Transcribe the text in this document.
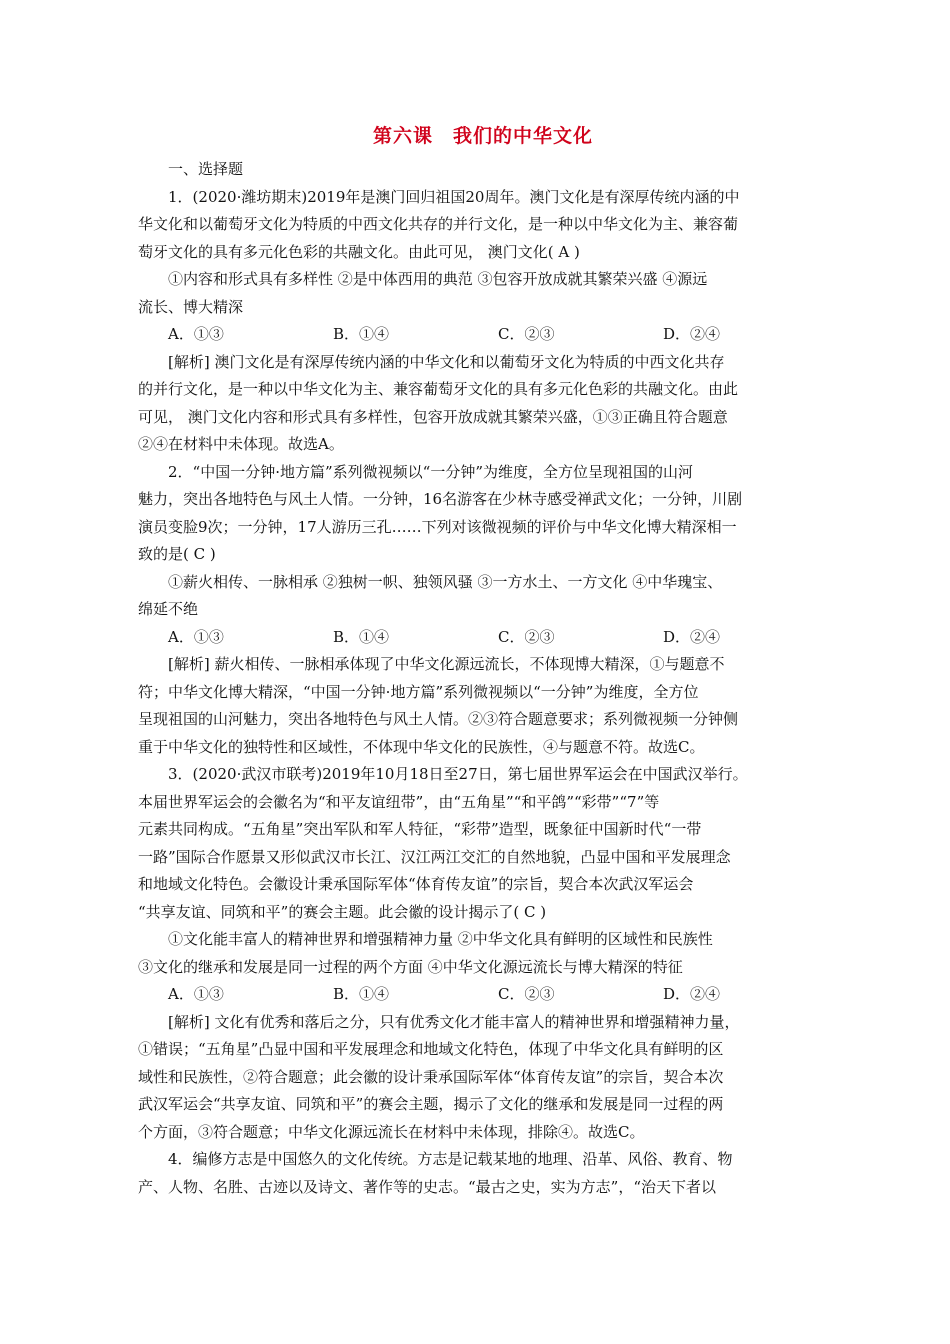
第六课　我们的中华文化
一、选择题
1．(2020·潍坊期末)2019年是澳门回归祖国20周年。澳门文化是有深厚传统内涵的中
华文化和以葡萄牙文化为特质的中西文化共存的并行文化，是一种以中华文化为主、兼容葡
萄牙文化的具有多元化色彩的共融文化。由此可见， 澳门文化( A )
①内容和形式具有多样性 ②是中体西用的典范 ③包容开放成就其繁荣兴盛 ④源远
流长、博大精深
A．①③	B．①④	C．②③	D．②④
[解析] 澳门文化是有深厚传统内涵的中华文化和以葡萄牙文化为特质的中西文化共存
的并行文化，是一种以中华文化为主、兼容葡萄牙文化的具有多元化色彩的共融文化。由此
可见， 澳门文化内容和形式具有多样性，包容开放成就其繁荣兴盛，①③正确且符合题意
②④在材料中未体现。故选A。
2．“中国一分钟·地方篇”系列微视频以“一分钟”为维度，全方位呈现祖国的山河
魅力，突出各地特色与风土人情。一分钟，16名游客在少林寺感受禅武文化；一分钟，川剧
演员变脸9次；一分钟，17人游历三孔……下列对该微视频的评价与中华文化博大精深相一
致的是( C )
①薪火相传、一脉相承 ②独树一帜、独领风骚 ③一方水土、一方文化 ④中华瑰宝、
绵延不绝
A．①③	B．①④	C．②③	D．②④
[解析] 薪火相传、一脉相承体现了中华文化源远流长，不体现博大精深，①与题意不
符；中华文化博大精深，“中国一分钟·地方篇”系列微视频以“一分钟”为维度，全方位
呈现祖国的山河魅力，突出各地特色与风土人情。②③符合题意要求；系列微视频一分钟侧
重于中华文化的独特性和区域性，不体现中华文化的民族性，④与题意不符。故选C。
3．(2020·武汉市联考)2019年10月18日至27日，第七届世界军运会在中国武汉举行。
本届世界军运会的会徽名为“和平友谊纽带”，由“五角星”“和平鸽”“彩带”“7”等
元素共同构成。“五角星”突出军队和军人特征，“彩带”造型，既象征中国新时代“一带
一路”国际合作愿景又形似武汉市长江、汉江两江交汇的自然地貌，凸显中国和平发展理念
和地域文化特色。会徽设计秉承国际军体“体育传友谊”的宗旨，契合本次武汉军运会
“共享友谊、同筑和平”的赛会主题。此会徽的设计揭示了( C )
①文化能丰富人的精神世界和增强精神力量 ②中华文化具有鲜明的区域性和民族性
③文化的继承和发展是同一过程的两个方面 ④中华文化源远流长与博大精深的特征
A．①③	B．①④	C．②③	D．②④
[解析] 文化有优秀和落后之分，只有优秀文化才能丰富人的精神世界和增强精神力量，
①错误；“五角星”凸显中国和平发展理念和地域文化特色，体现了中华文化具有鲜明的区
域性和民族性，②符合题意；此会徽的设计秉承国际军体“体育传友谊”的宗旨，契合本次
武汉军运会“共享友谊、同筑和平”的赛会主题，揭示了文化的继承和发展是同一过程的两
个方面，③符合题意；中华文化源远流长在材料中未体现，排除④。故选C。
4．编修方志是中国悠久的文化传统。方志是记载某地的地理、沿革、风俗、教育、物
产、人物、名胜、古迹以及诗文、著作等的史志。“最古之史，实为方志”，“治天下者以
